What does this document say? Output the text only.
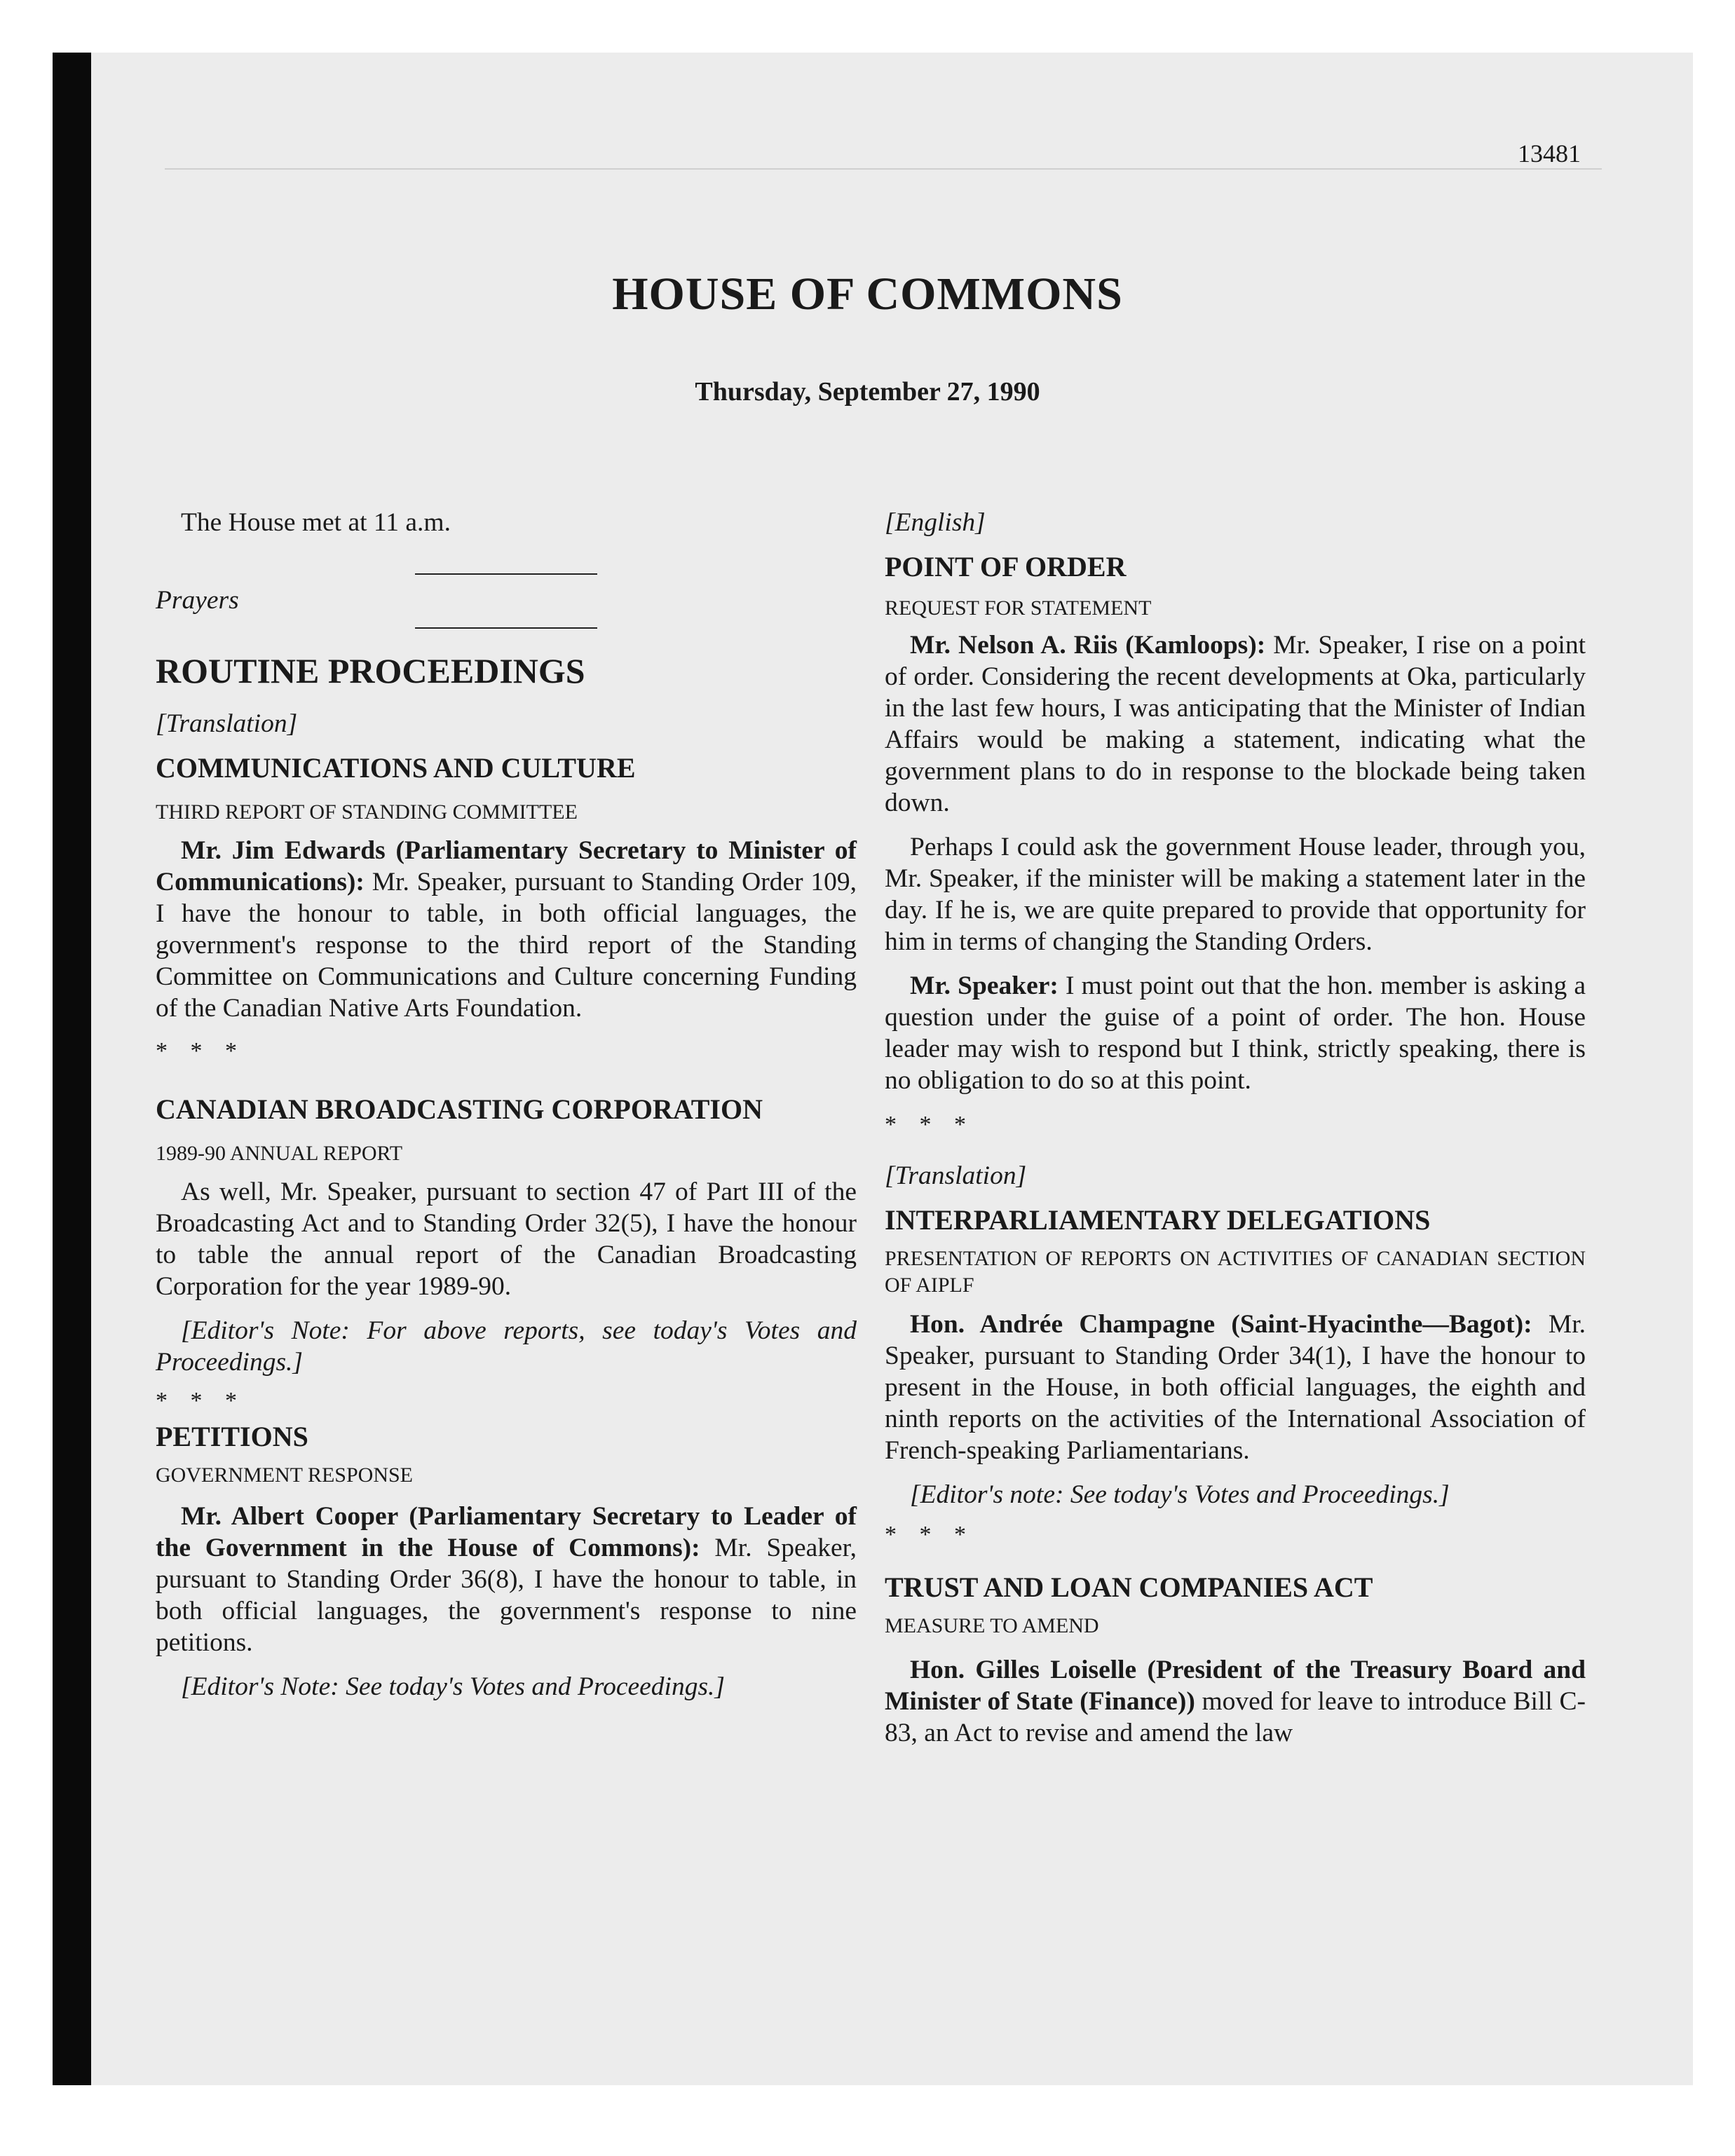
13481
HOUSE OF COMMONS
Thursday, September 27, 1990

The House met at 11 a.m.

Prayers

ROUTINE PROCEEDINGS

[Translation]

COMMUNICATIONS AND CULTURE

THIRD REPORT OF STANDING COMMITTEE

Mr. Jim Edwards (Parliamentary Secretary to Minister of Communications): Mr. Speaker, pursuant to Standing Order 109, I have the honour to table, in both official languages, the government's response to the third report of the Standing Committee on Communications and Culture concerning Funding of the Canadian Native Arts Foundation.

* * *

CANADIAN BROADCASTING CORPORATION

1989-90 ANNUAL REPORT

As well, Mr. Speaker, pursuant to section 47 of Part III of the Broadcasting Act and to Standing Order 32(5), I have the honour to table the annual report of the Canadian Broadcasting Corporation for the year 1989-90.

[Editor's Note: For above reports, see today's Votes and Proceedings.]

* * *

PETITIONS

GOVERNMENT RESPONSE

Mr. Albert Cooper (Parliamentary Secretary to Leader of the Government in the House of Commons): Mr. Speaker, pursuant to Standing Order 36(8), I have the honour to table, in both official languages, the government's response to nine petitions.

[Editor's Note: See today's Votes and Proceedings.]

[English]

POINT OF ORDER

REQUEST FOR STATEMENT

Mr. Nelson A. Riis (Kamloops): Mr. Speaker, I rise on a point of order. Considering the recent developments at Oka, particularly in the last few hours, I was anticipating that the Minister of Indian Affairs would be making a statement, indicating what the government plans to do in response to the blockade being taken down.

Perhaps I could ask the government House leader, through you, Mr. Speaker, if the minister will be making a statement later in the day. If he is, we are quite prepared to provide that opportunity for him in terms of changing the Standing Orders.

Mr. Speaker: I must point out that the hon. member is asking a question under the guise of a point of order. The hon. House leader may wish to respond but I think, strictly speaking, there is no obligation to do so at this point.

* * *

[Translation]

INTERPARLIAMENTARY DELEGATIONS

PRESENTATION OF REPORTS ON ACTIVITIES OF CANADIAN SECTION OF AIPLF

Hon. Andrée Champagne (Saint-Hyacinthe—Bagot): Mr. Speaker, pursuant to Standing Order 34(1), I have the honour to present in the House, in both official languages, the eighth and ninth reports on the activities of the International Association of French-speaking Parliamentarians.

[Editor's note: See today's Votes and Proceedings.]

* * *

TRUST AND LOAN COMPANIES ACT

MEASURE TO AMEND

Hon. Gilles Loiselle (President of the Treasury Board and Minister of State (Finance)) moved for leave to introduce Bill C-83, an Act to revise and amend the law
